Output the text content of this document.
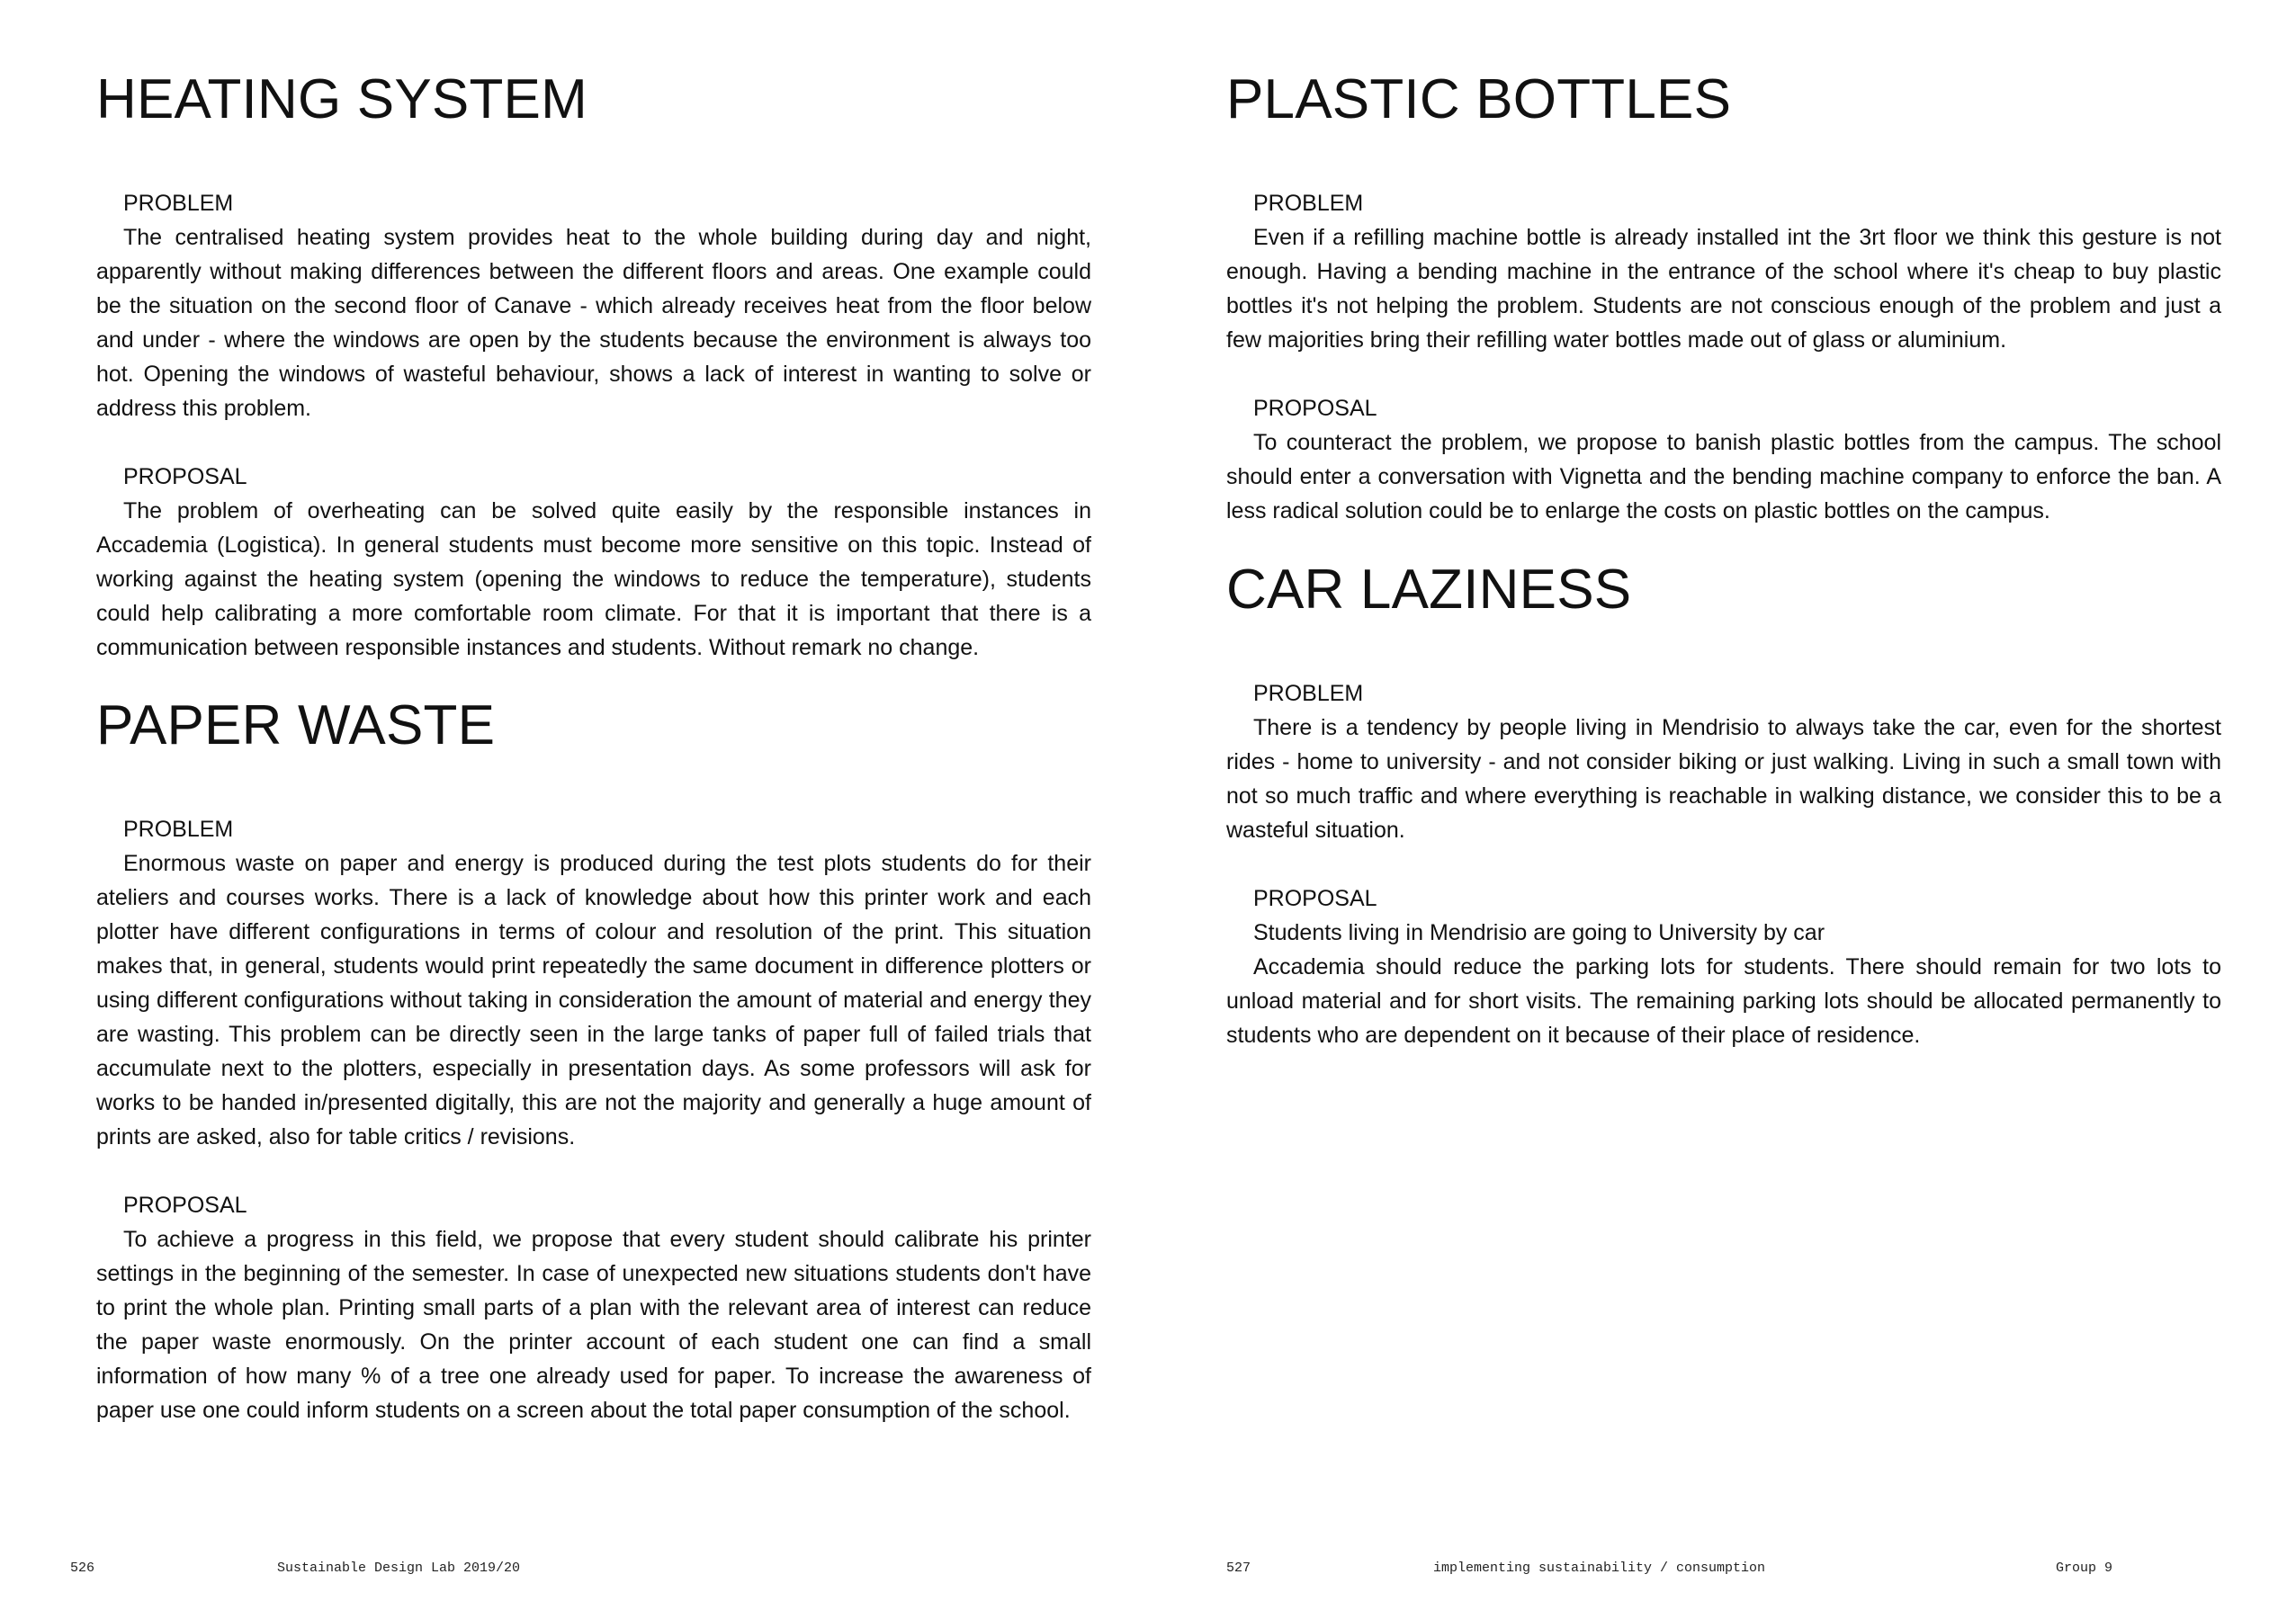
HEATING SYSTEM

PROBLEM

The centralised heating system provides heat to the whole building during day and night, apparently without making differences between the different floors and areas. One example could be the situation on the second floor of Canave - which already receives heat from the floor below and under - where the windows are open by the students because the environment is always too hot. Opening the windows of wasteful behaviour, shows a lack of interest in wanting to solve or address this problem.

PROPOSAL

The problem of overheating can be solved quite easily by the responsible instances in Accademia (Logistica). In general students must become more sensitive on this topic. Instead of working against the heating system (opening the windows to reduce the temperature), students could help calibrating a more comfortable room climate. For that it is important that there is a communication between responsible instances and students. Without remark no change.

PAPER WASTE

PROBLEM

Enormous waste on paper and energy is produced during the test plots students do for their ateliers and courses works. There is a lack of knowledge about how this printer work and each plotter have different configurations in terms of colour and resolution of the print. This situation makes that, in general, students would print repeatedly the same document in difference plotters or using different configurations without taking in consideration the amount of material and energy they are wasting. This problem can be directly seen in the large tanks of paper full of failed trials that accumulate next to the plotters, especially in presentation days. As some professors will ask for works to be handed in/presented digitally, this are not the majority and generally a huge amount of prints are asked, also for table critics / revisions.

PROPOSAL

To achieve a progress in this field, we propose that every student should calibrate his printer settings in the beginning of the semester. In case of unexpected new situations students don't have to print the whole plan. Printing small parts of a plan with the relevant area of interest can reduce the paper waste enormously. On the printer account of each student one can find a small information of how many % of a tree one already used for paper. To increase the awareness of paper use one could inform students on a screen about the total paper consumption of the school.

PLASTIC BOTTLES

PROBLEM

Even if a refilling machine bottle is already installed int the 3rt floor we think this gesture is not enough. Having a bending machine in the entrance of the school where it's cheap to buy plastic bottles it's not helping the problem. Students are not conscious enough of the problem and just a few majorities bring their refilling water bottles made out of glass or aluminium.

PROPOSAL

To counteract the problem, we propose to banish plastic bottles from the campus. The school should enter a conversation with Vignetta and the bending machine company to enforce the ban. A less radical solution could be to enlarge the costs on plastic bottles on the campus.

CAR LAZINESS

PROBLEM

There is a tendency by people living in Mendrisio to always take the car, even for the shortest rides - home to university - and not consider biking or just walking. Living in such a small town with not so much traffic and where everything is reachable in walking distance, we consider this to be a wasteful situation.

PROPOSAL

Students living in Mendrisio are going to University by car

Accademia should reduce the parking lots for students. There should remain for two lots to unload material and for short visits. The remaining parking lots should be allocated permanently to students who are dependent on it because of their place of residence.

526	Sustainable Design Lab 2019/20	527	implementing sustainability / consumption	Group 9
